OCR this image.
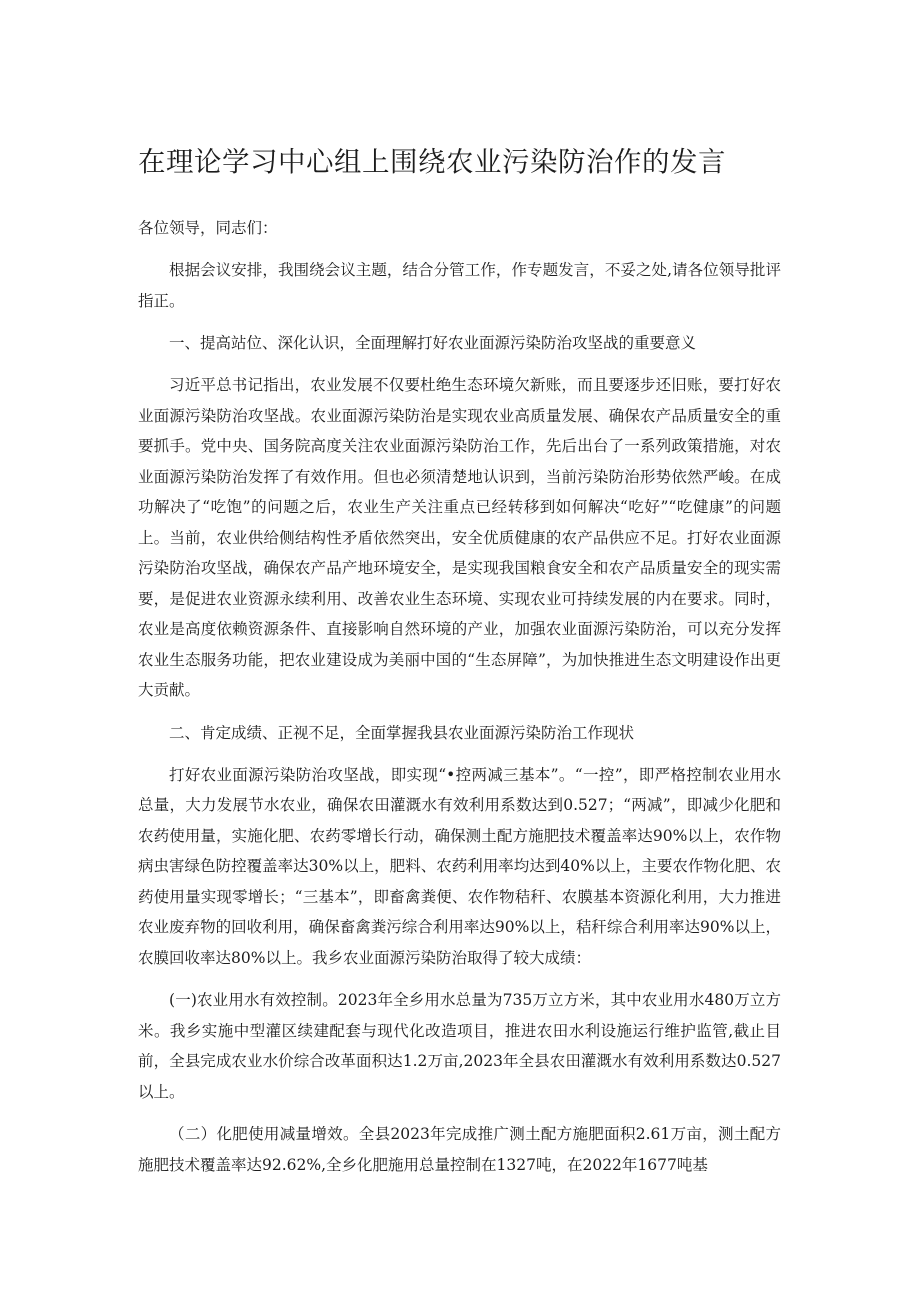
在理论学习中心组上围绕农业污染防治作的发言
各位领导，同志们：

根据会议安排，我围绕会议主题，结合分管工作，作专题发言，不妥之处,请各位领导批评指正。

一、提高站位、深化认识，全面理解打好农业面源污染防治攻坚战的重要意义

习近平总书记指出，农业发展不仅要杜绝生态环境欠新账，而且要逐步还旧账，要打好农业面源污染防治攻坚战。农业面源污染防治是实现农业高质量发展、确保农产品质量安全的重要抓手。党中央、国务院高度关注农业面源污染防治工作，先后出台了一系列政策措施，对农业面源污染防治发挥了有效作用。但也必须清楚地认识到，当前污染防治形势依然严峻。在成功解决了“吃饱”的问题之后，农业生产关注重点已经转移到如何解决“吃好”“吃健康”的问题上。当前，农业供给侧结构性矛盾依然突出，安全优质健康的农产品供应不足。打好农业面源污染防治攻坚战，确保农产品产地环境安全，是实现我国粮食安全和农产品质量安全的现实需要，是促进农业资源永续利用、改善农业生态环境、实现农业可持续发展的内在要求。同时，农业是高度依赖资源条件、直接影响自然环境的产业，加强农业面源污染防治，可以充分发挥农业生态服务功能，把农业建设成为美丽中国的“生态屏障”，为加快推进生态文明建设作出更大贡献。

二、肯定成绩、正视不足，全面掌握我县农业面源污染防治工作现状

打好农业面源污染防治攻坚战，即实现“•控两减三基本”。“一控”，即严格控制农业用水总量，大力发展节水农业，确保农田灌溉水有效利用系数达到0.527；“两减”，即减少化肥和农药使用量，实施化肥、农药零增长行动，确保测土配方施肥技术覆盖率达90%以上，农作物病虫害绿色防控覆盖率达30%以上，肥料、农药利用率均达到40%以上，主要农作物化肥、农药使用量实现零增长；“三基本”，即畜禽粪便、农作物秸秆、农膜基本资源化利用，大力推进农业废弃物的回收利用，确保畜禽粪污综合利用率达90%以上，秸秆综合利用率达90%以上，农膜回收率达80%以上。我乡农业面源污染防治取得了较大成绩：

(一)农业用水有效控制。2023年全乡用水总量为735万立方米，其中农业用水480万立方米。我乡实施中型灌区续建配套与现代化改造项目，推进农田水利设施运行维护监管,截止目前，全县完成农业水价综合改革面积达1.2万亩,2023年全县农田灌溉水有效利用系数达0.527以上。

（二）化肥使用减量增效。全县2023年完成推广测土配方施肥面积2.61万亩，测土配方施肥技术覆盖率达92.62%,全乡化肥施用总量控制在1327吨，在2022年1677吨基
